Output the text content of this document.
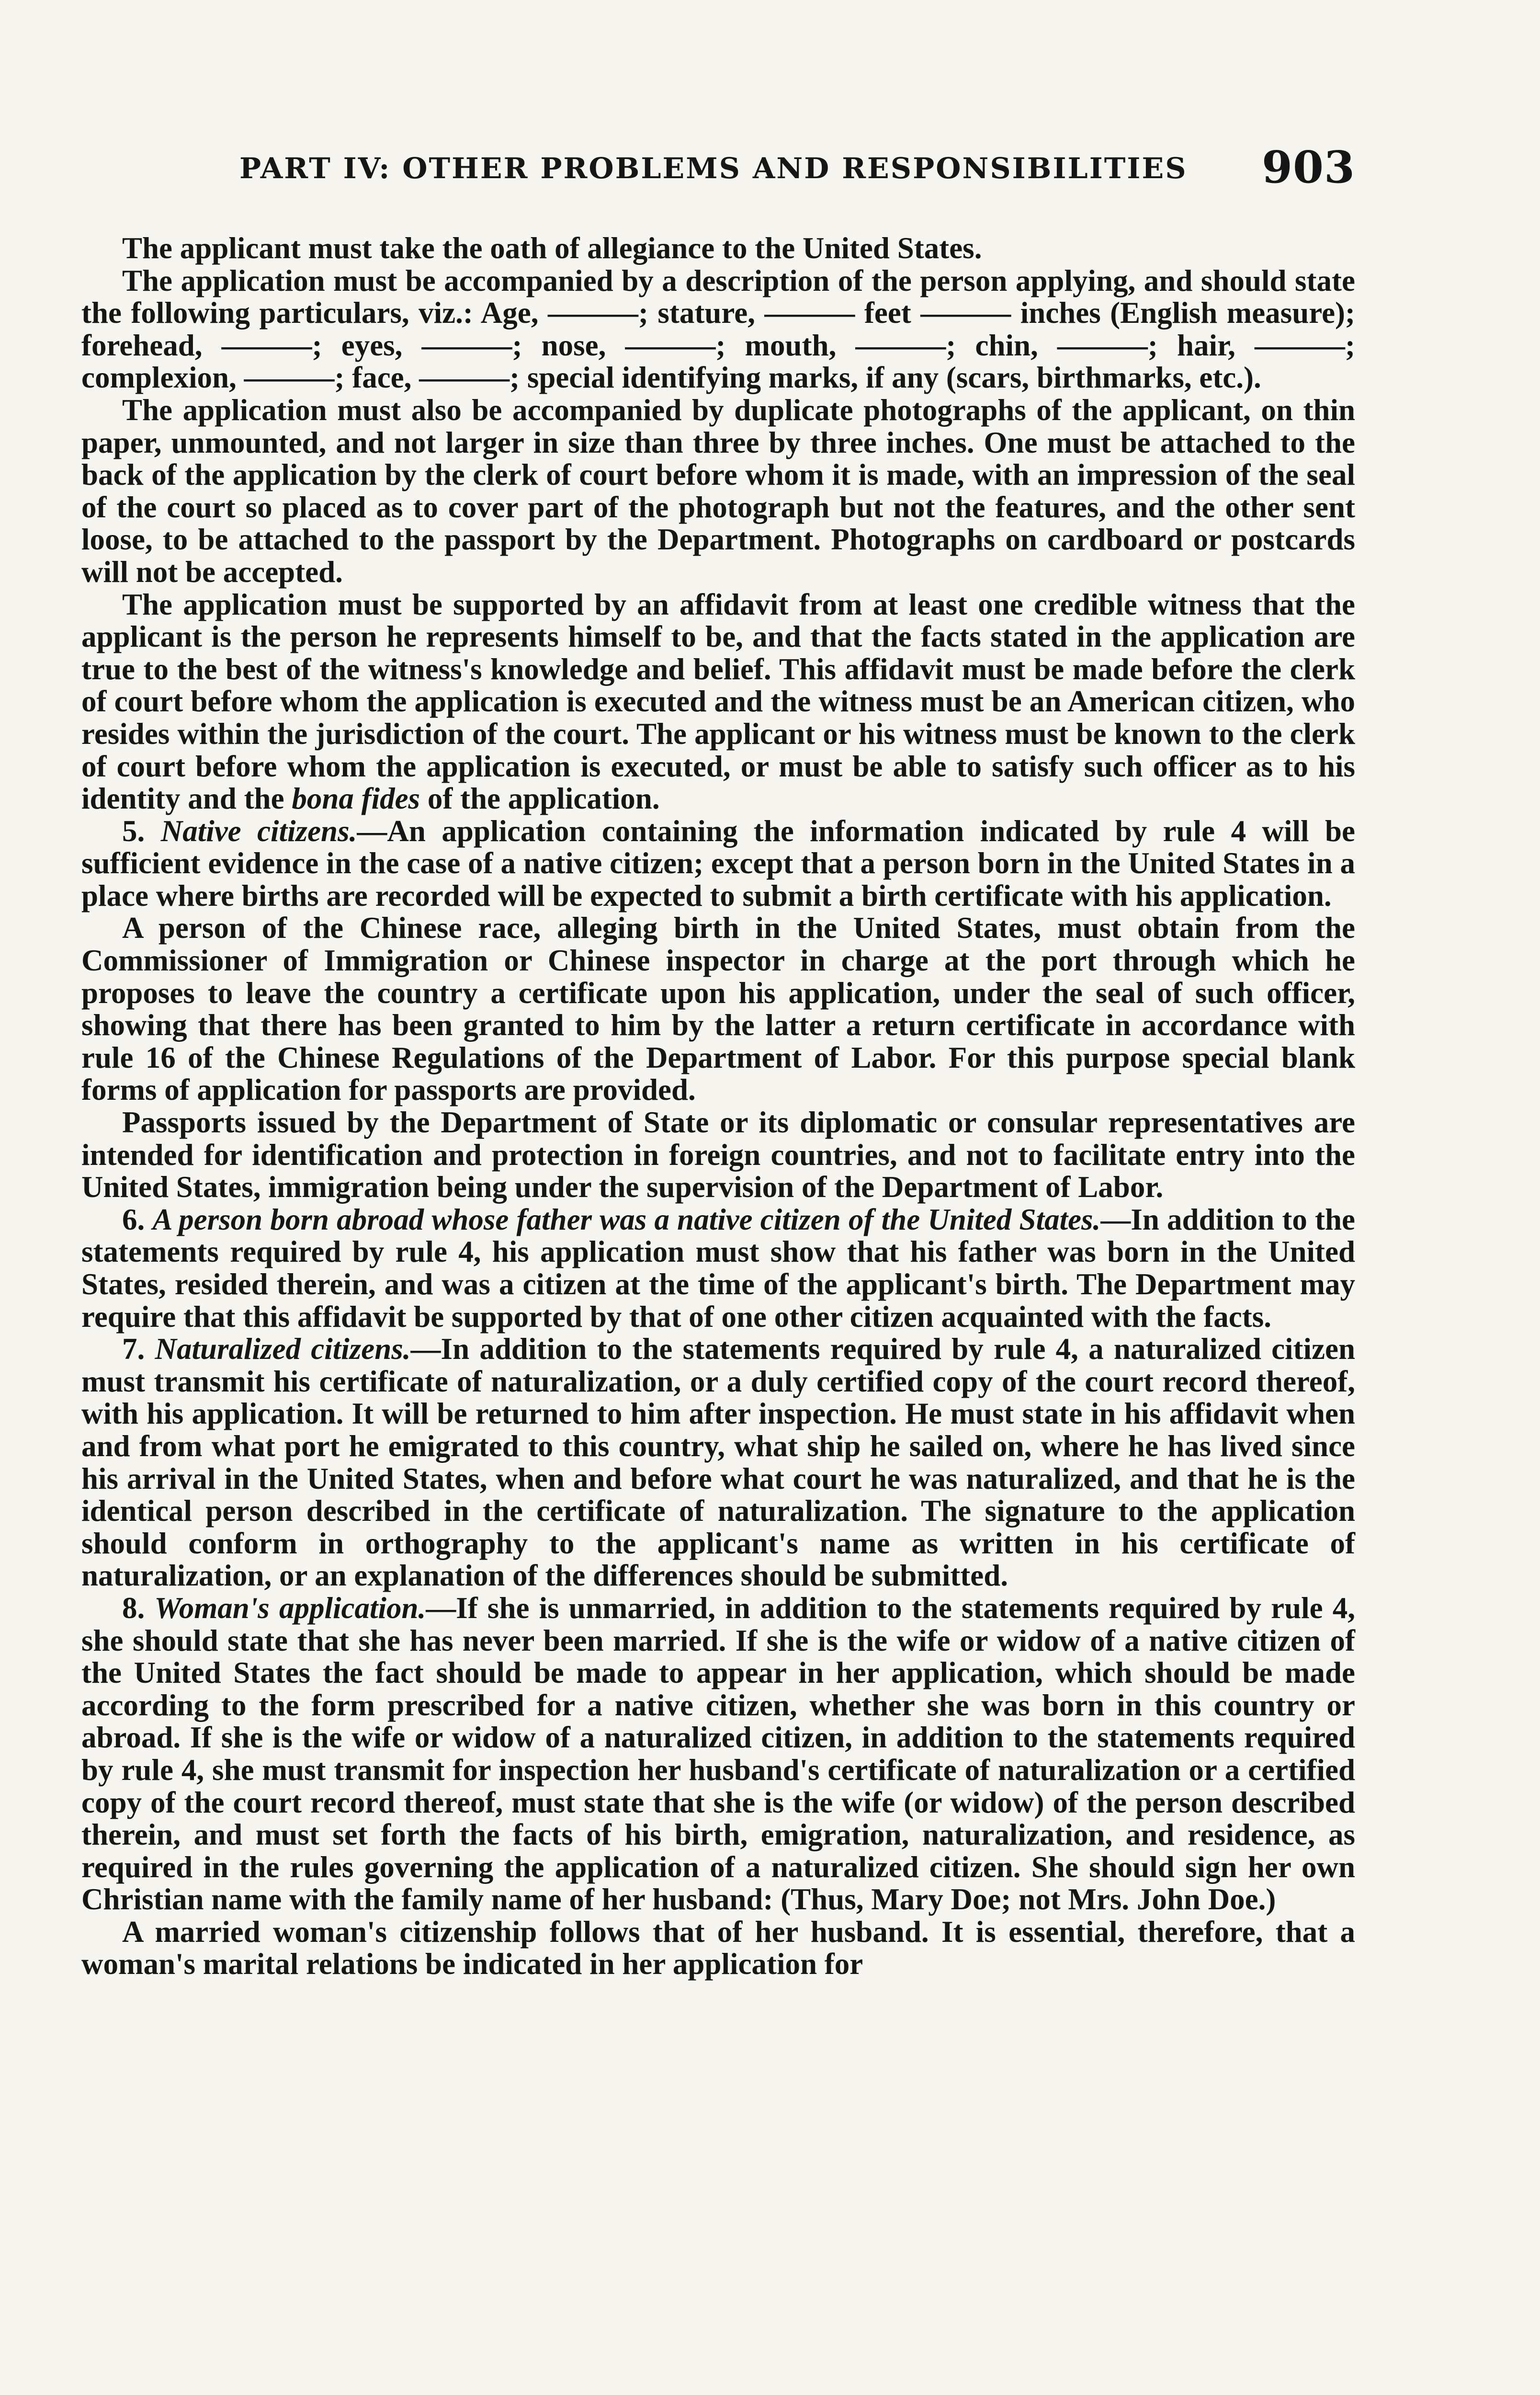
PART IV: OTHER PROBLEMS AND RESPONSIBILITIES 903

The applicant must take the oath of allegiance to the United States.

The application must be accompanied by a description of the person applying, and should state the following particulars, viz.: Age, ———; stature, ——— feet ——— inches (English measure); forehead, ———; eyes, ———; nose, ———; mouth, ———; chin, ———; hair, ———; complexion, ———; face, ———; special identifying marks, if any (scars, birthmarks, etc.).

The application must also be accompanied by duplicate photographs of the applicant, on thin paper, unmounted, and not larger in size than three by three inches. One must be attached to the back of the application by the clerk of court before whom it is made, with an impression of the seal of the court so placed as to cover part of the photograph but not the features, and the other sent loose, to be attached to the passport by the Department. Photographs on cardboard or postcards will not be accepted.

The application must be supported by an affidavit from at least one credible witness that the applicant is the person he represents himself to be, and that the facts stated in the application are true to the best of the witness's knowledge and belief. This affidavit must be made before the clerk of court before whom the application is executed and the witness must be an American citizen, who resides within the jurisdiction of the court. The applicant or his witness must be known to the clerk of court before whom the application is executed, or must be able to satisfy such officer as to his identity and the bona fides of the application.

5. Native citizens.—An application containing the information indicated by rule 4 will be sufficient evidence in the case of a native citizen; except that a person born in the United States in a place where births are recorded will be expected to submit a birth certificate with his application.

A person of the Chinese race, alleging birth in the United States, must obtain from the Commissioner of Immigration or Chinese inspector in charge at the port through which he proposes to leave the country a certificate upon his application, under the seal of such officer, showing that there has been granted to him by the latter a return certificate in accordance with rule 16 of the Chinese Regulations of the Department of Labor. For this purpose special blank forms of application for passports are provided.

Passports issued by the Department of State or its diplomatic or consular representatives are intended for identification and protection in foreign countries, and not to facilitate entry into the United States, immigration being under the supervision of the Department of Labor.

6. A person born abroad whose father was a native citizen of the United States.—In addition to the statements required by rule 4, his application must show that his father was born in the United States, resided therein, and was a citizen at the time of the applicant's birth. The Department may require that this affidavit be supported by that of one other citizen acquainted with the facts.

7. Naturalized citizens.—In addition to the statements required by rule 4, a naturalized citizen must transmit his certificate of naturalization, or a duly certified copy of the court record thereof, with his application. It will be returned to him after inspection. He must state in his affidavit when and from what port he emigrated to this country, what ship he sailed on, where he has lived since his arrival in the United States, when and before what court he was naturalized, and that he is the identical person described in the certificate of naturalization. The signature to the application should conform in orthography to the applicant's name as written in his certificate of naturalization, or an explanation of the differences should be submitted.

8. Woman's application.—If she is unmarried, in addition to the statements required by rule 4, she should state that she has never been married. If she is the wife or widow of a native citizen of the United States the fact should be made to appear in her application, which should be made according to the form prescribed for a native citizen, whether she was born in this country or abroad. If she is the wife or widow of a naturalized citizen, in addition to the statements required by rule 4, she must transmit for inspection her husband's certificate of naturalization or a certified copy of the court record thereof, must state that she is the wife (or widow) of the person described therein, and must set forth the facts of his birth, emigration, naturalization, and residence, as required in the rules governing the application of a naturalized citizen. She should sign her own Christian name with the family name of her husband: (Thus, Mary Doe; not Mrs. John Doe.)

A married woman's citizenship follows that of her husband. It is essential, therefore, that a woman's marital relations be indicated in her application for
